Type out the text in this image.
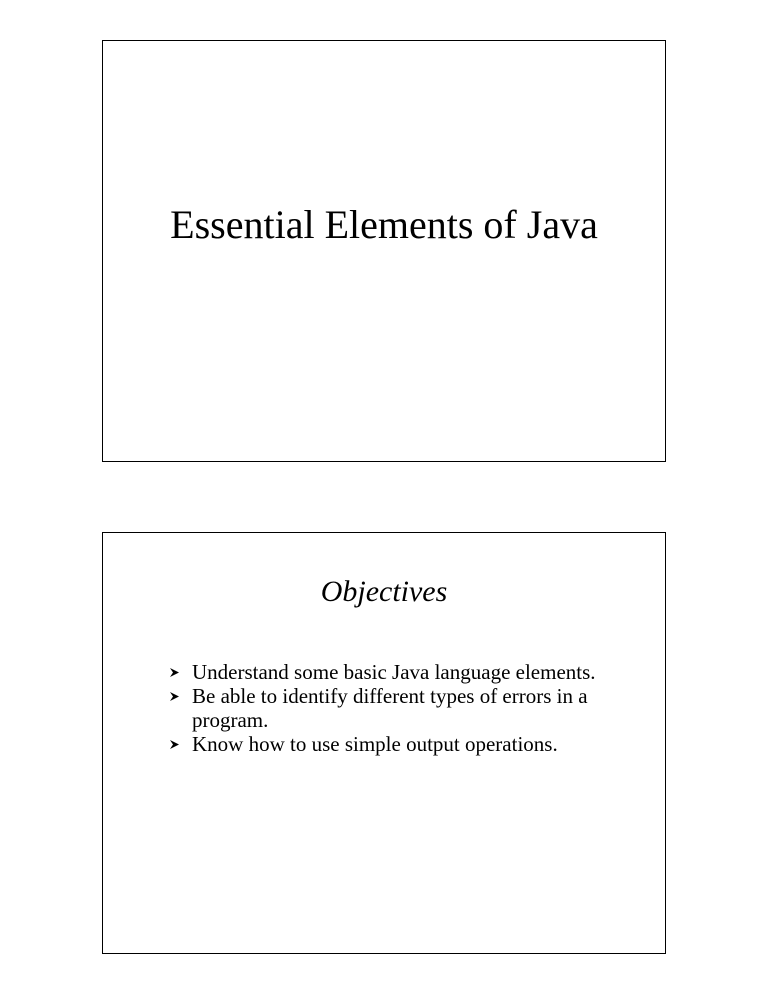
Essential Elements of Java
Objectives
Understand some basic Java language elements.
Be able to identify different types of errors in a program.
Know how to use simple output operations.
